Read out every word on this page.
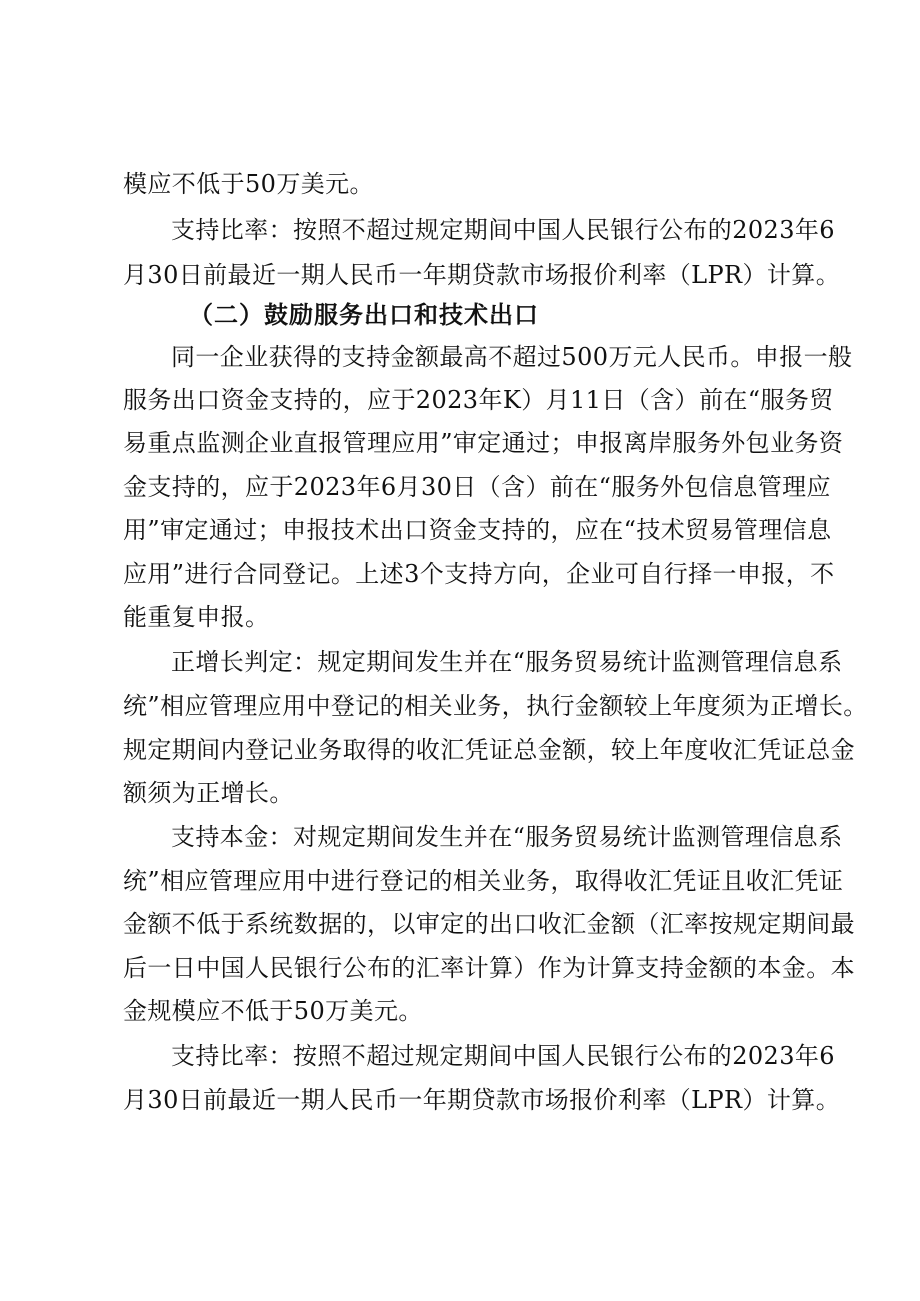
模应不低于50万美元。
支持比率：按照不超过规定期间中国人民银行公布的2023年6
月30日前最近一期人民币一年期贷款市场报价利率（LPR）计算。
（二）鼓励服务出口和技术出口
同一企业获得的支持金额最高不超过500万元人民币。申报一般
服务出口资金支持的，应于2023年K）月11日（含）前在“服务贸
易重点监测企业直报管理应用”审定通过；申报离岸服务外包业务资
金支持的，应于2023年6月30日（含）前在“服务外包信息管理应
用”审定通过；申报技术出口资金支持的，应在“技术贸易管理信息
应用”进行合同登记。上述3个支持方向，企业可自行择一申报，不
能重复申报。
正增长判定：规定期间发生并在“服务贸易统计监测管理信息系
统”相应管理应用中登记的相关业务，执行金额较上年度须为正增长。
规定期间内登记业务取得的收汇凭证总金额，较上年度收汇凭证总金
额须为正增长。
支持本金：对规定期间发生并在“服务贸易统计监测管理信息系
统”相应管理应用中进行登记的相关业务，取得收汇凭证且收汇凭证
金额不低于系统数据的，以审定的出口收汇金额（汇率按规定期间最
后一日中国人民银行公布的汇率计算）作为计算支持金额的本金。本
金规模应不低于50万美元。
支持比率：按照不超过规定期间中国人民银行公布的2023年6
月30日前最近一期人民币一年期贷款市场报价利率（LPR）计算。
